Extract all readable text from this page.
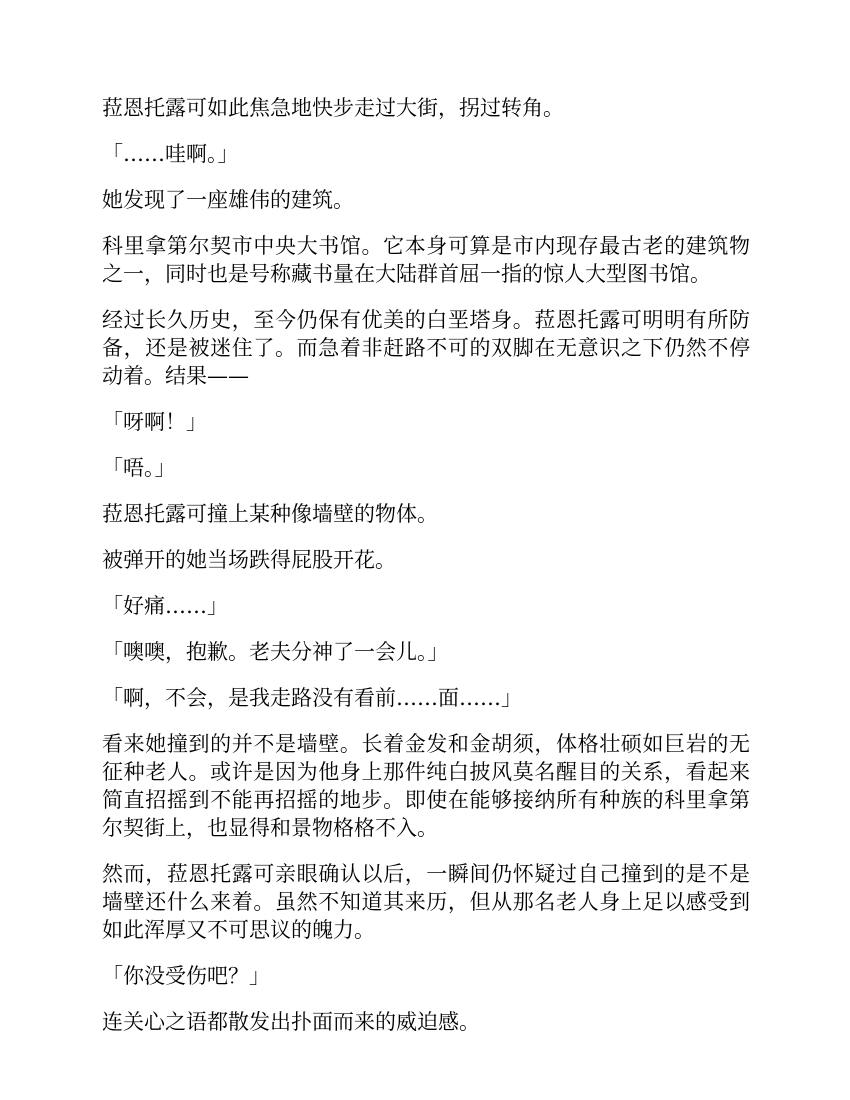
菈恩托露可如此焦急地快步走过大街，拐过转角。

「……哇啊。」

她发现了一座雄伟的建筑。

科里拿第尔契市中央大书馆。它本身可算是市内现存最古老的建筑物之一，同时也是号称藏书量在大陆群首屈一指的惊人大型图书馆。

经过长久历史，至今仍保有优美的白垩塔身。菈恩托露可明明有所防备，还是被迷住了。而急着非赶路不可的双脚在无意识之下仍然不停动着。结果——

「呀啊！」

「唔。」

菈恩托露可撞上某种像墙壁的物体。

被弹开的她当场跌得屁股开花。

「好痛……」

「噢噢，抱歉。老夫分神了一会儿。」

「啊，不会，是我走路没有看前……面……」

看来她撞到的并不是墙壁。长着金发和金胡须，体格壮硕如巨岩的无征种老人。或许是因为他身上那件纯白披风莫名醒目的关系，看起来简直招摇到不能再招摇的地步。即使在能够接纳所有种族的科里拿第尔契街上，也显得和景物格格不入。

然而，菈恩托露可亲眼确认以后，一瞬间仍怀疑过自己撞到的是不是墙壁还什么来着。虽然不知道其来历，但从那名老人身上足以感受到如此浑厚又不可思议的魄力。

「你没受伤吧？」

连关心之语都散发出扑面而来的威迫感。
